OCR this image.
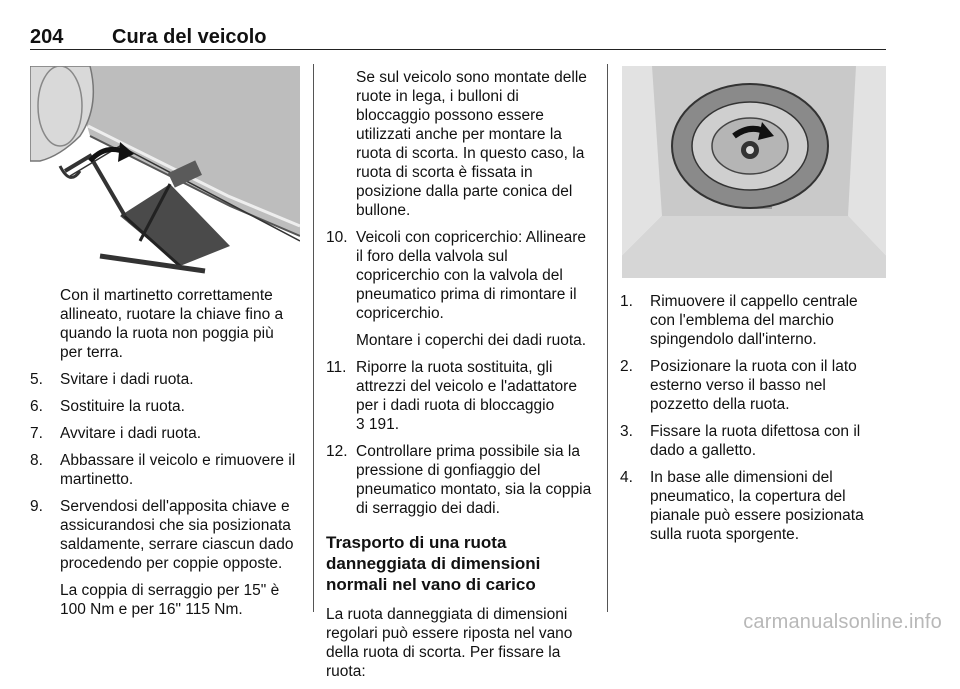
204 Cura del veicolo

Con il martinetto correttamente allineato, ruotare la chiave fino a quando la ruota non poggia più per terra.

5. Svitare i dadi ruota.
6. Sostituire la ruota.
7. Avvitare i dadi ruota.
8. Abbassare il veicolo e rimuovere il martinetto.
9. Servendosi dell'apposita chiave e assicurandosi che sia posizionata saldamente, serrare ciascun dado procedendo per coppie opposte.
La coppia di serraggio per 15" è 100 Nm e per 16" 115 Nm.

Se sul veicolo sono montate delle ruote in lega, i bulloni di bloccaggio possono essere utilizzati anche per montare la ruota di scorta. In questo caso, la ruota di scorta è fissata in posizione dalla parte conica del bullone.

10. Veicoli con copricerchio: Allineare il foro della valvola sul copricerchio con la valvola del pneumatico prima di rimontare il copricerchio.
Montare i coperchi dei dadi ruota.
11. Riporre la ruota sostituita, gli attrezzi del veicolo e l'adattatore per i dadi ruota di bloccaggio
3 191.
12. Controllare prima possibile sia la pressione di gonfiaggio del pneumatico montato, sia la coppia di serraggio dei dadi.
Trasporto di una ruota danneggiata di dimensioni normali nel vano di carico

La ruota danneggiata di dimensioni regolari può essere riposta nel vano della ruota di scorta. Per fissare la ruota:

1. Rimuovere il cappello centrale con l'emblema del marchio spingendolo dall'interno.
2. Posizionare la ruota con il lato esterno verso il basso nel pozzetto della ruota.
3. Fissare la ruota difettosa con il dado a galletto.
4. In base alle dimensioni del pneumatico, la copertura del pianale può essere posizionata sulla ruota sporgente.
carmanualsonline.info
